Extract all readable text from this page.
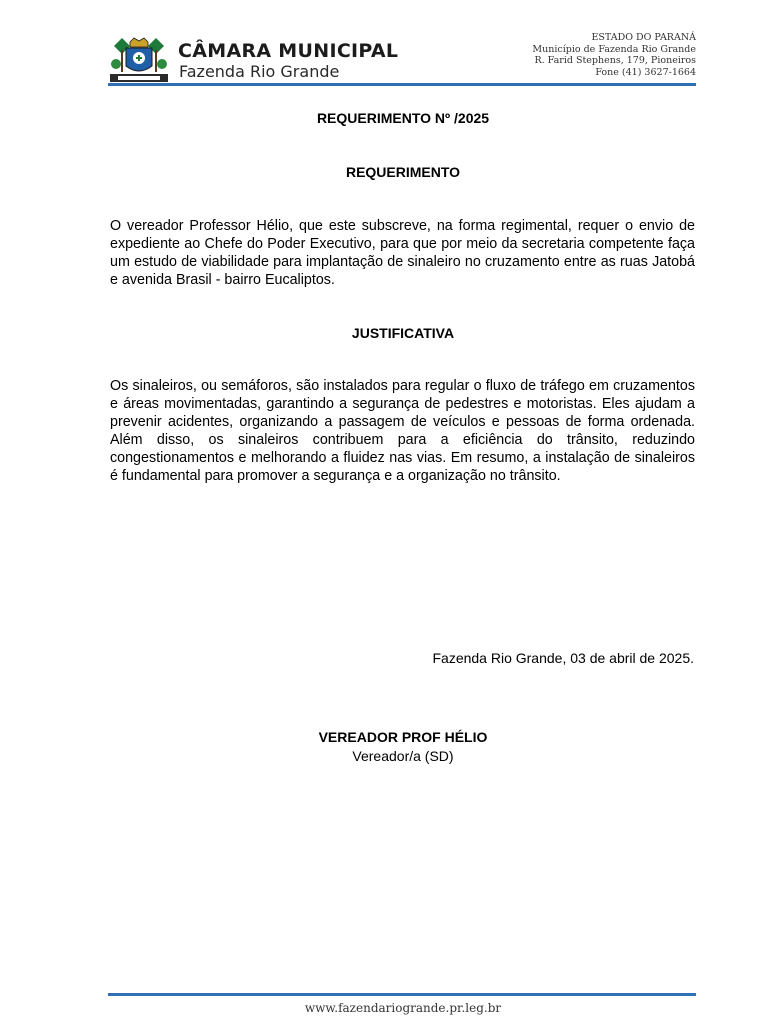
CÂMARA MUNICIPAL
Fazenda Rio Grande
ESTADO DO PARANÁ
Município de Fazenda Rio Grande
R. Farid Stephens, 179, Pioneiros
Fone (41) 3627-1664
REQUERIMENTO Nº /2025
REQUERIMENTO
O vereador Professor Hélio, que este subscreve, na forma regimental, requer o envio de expediente ao Chefe do Poder Executivo, para que por meio da secretaria competente faça um estudo de viabilidade para implantação de sinaleiro no cruzamento entre as ruas Jatobá e avenida Brasil - bairro Eucaliptos.
JUSTIFICATIVA
Os sinaleiros, ou semáforos, são instalados para regular o fluxo de tráfego em cruzamentos e áreas movimentadas, garantindo a segurança de pedestres e motoristas. Eles ajudam a prevenir acidentes, organizando a passagem de veículos e pessoas de forma ordenada. Além disso, os sinaleiros contribuem para a eficiência do trânsito, reduzindo congestionamentos e melhorando a fluidez nas vias. Em resumo, a instalação de sinaleiros é fundamental para promover a segurança e a organização no trânsito.
Fazenda Rio Grande, 03 de abril de 2025.
VEREADOR PROF HÉLIO
Vereador/a (SD)
www.fazendariogrande.pr.leg.br
